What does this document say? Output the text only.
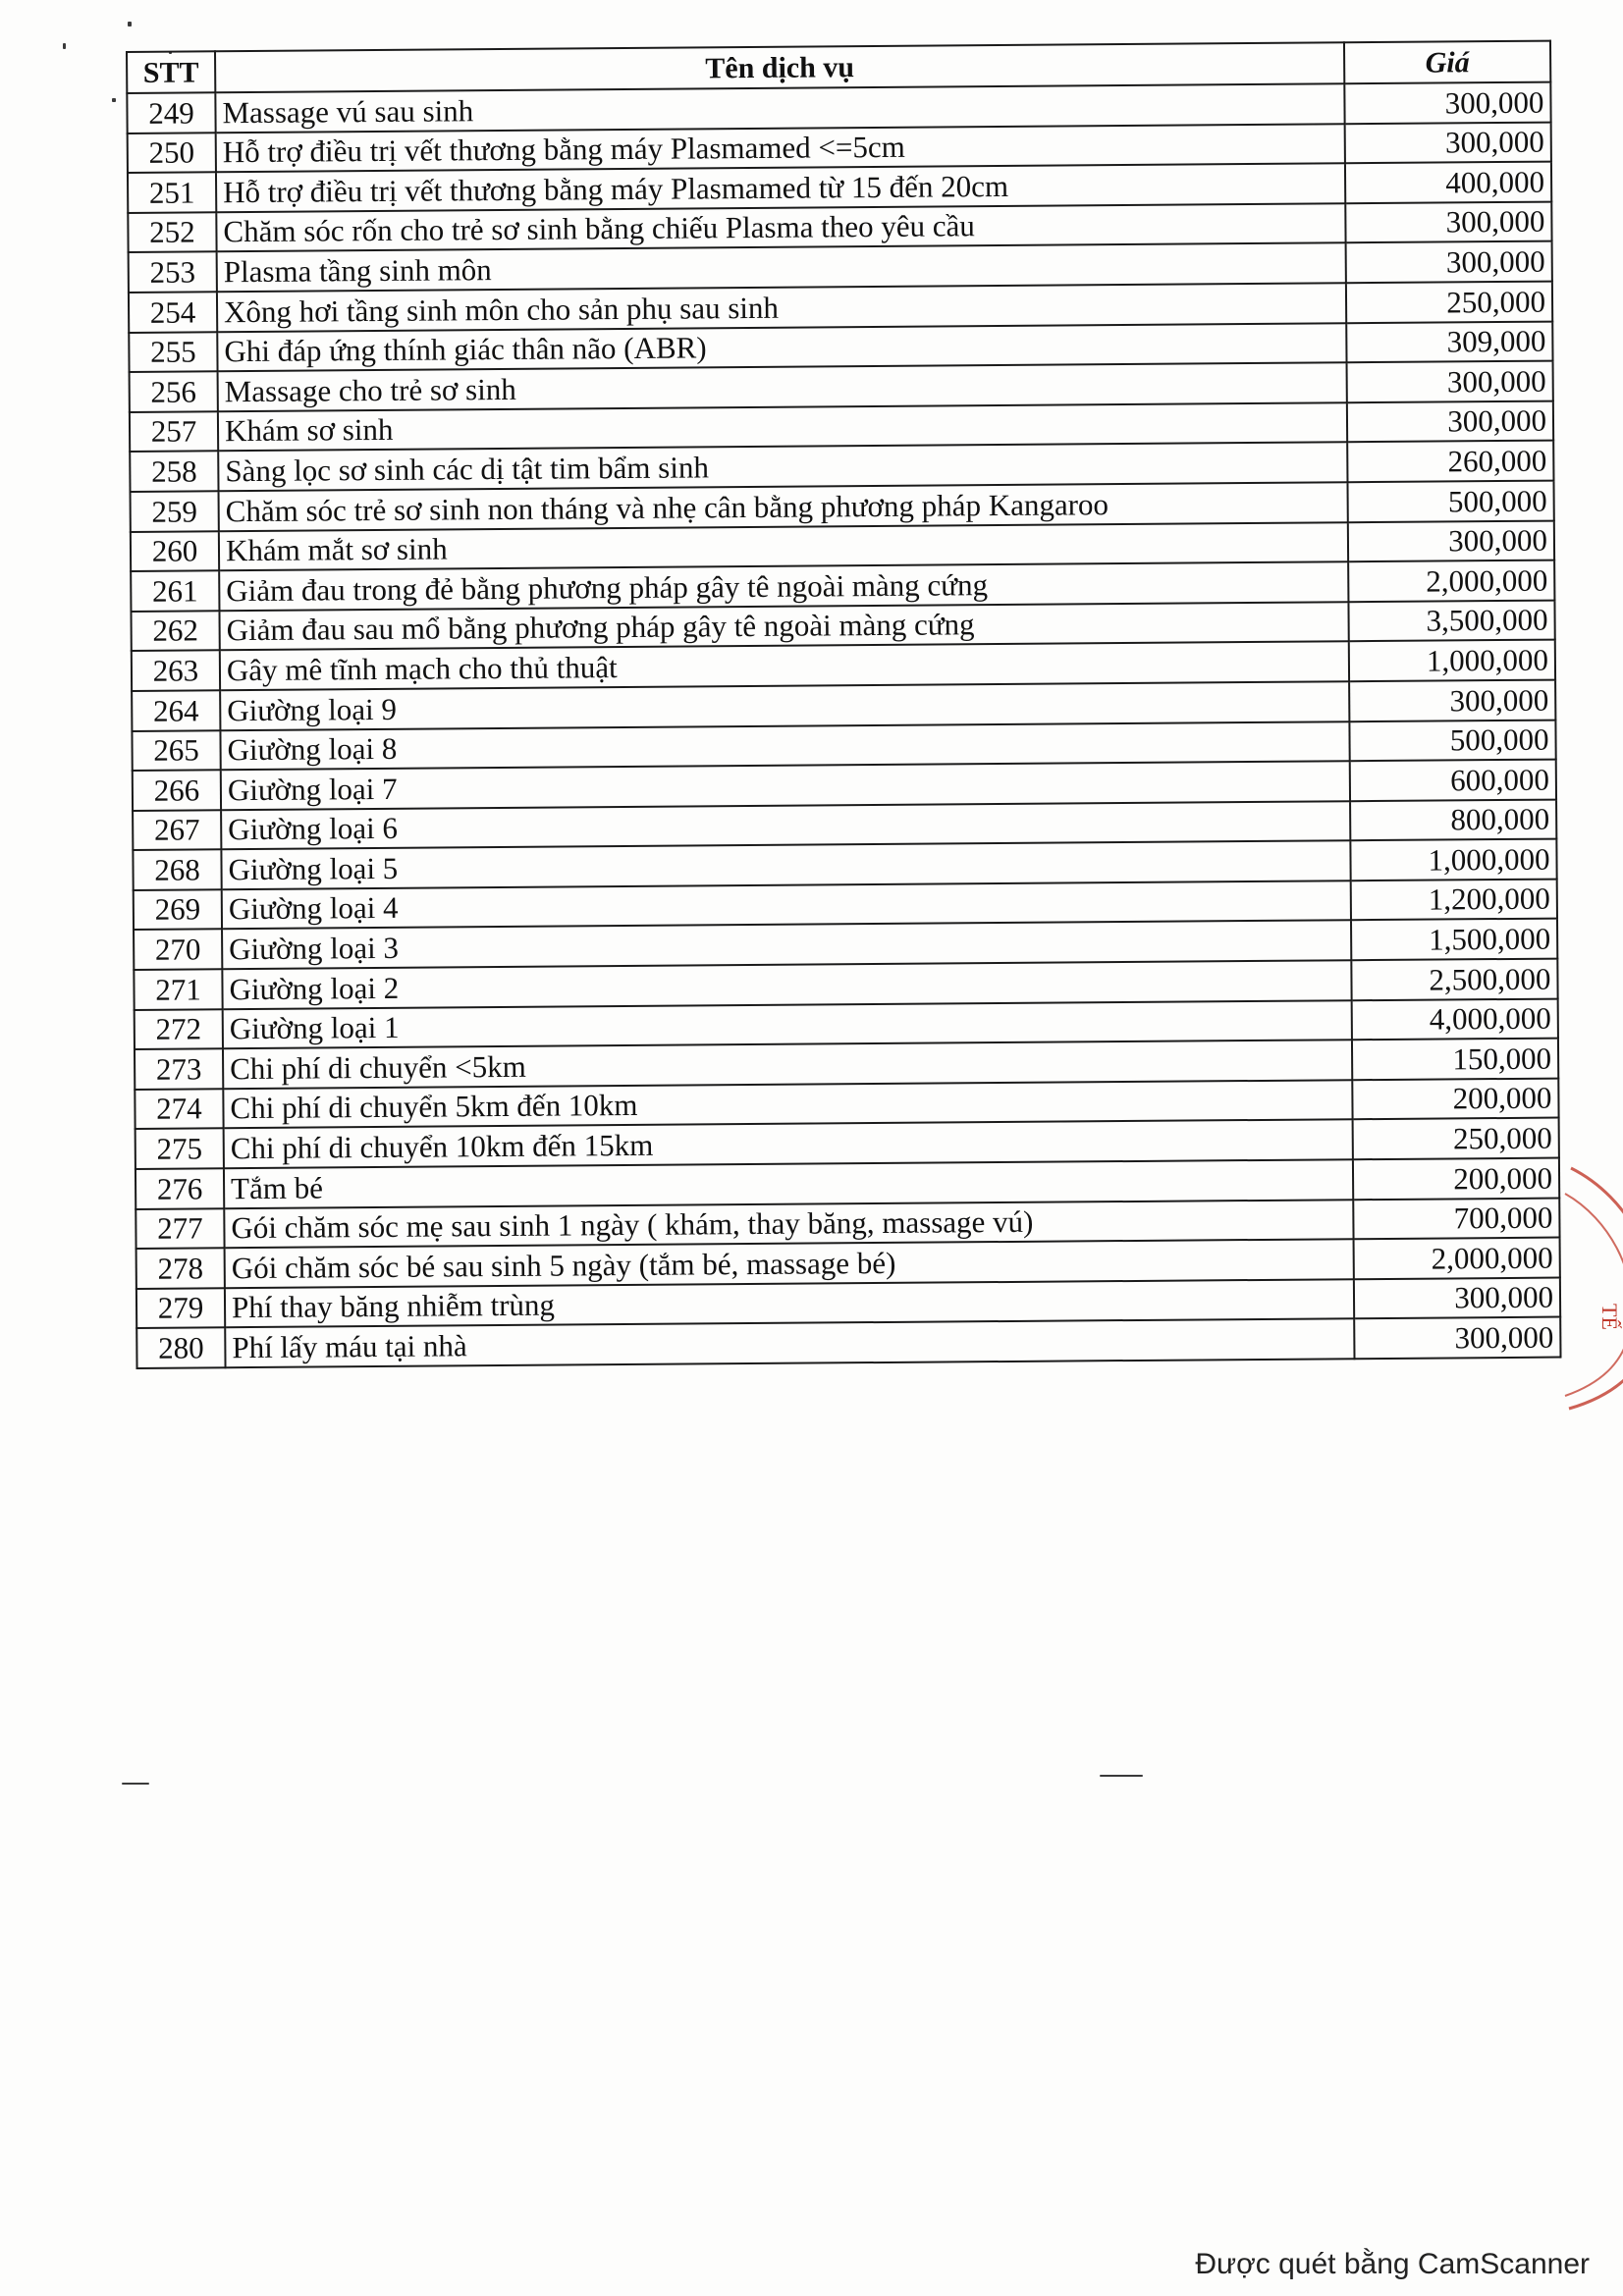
STT	Tên dịch vụ	Giá
249	Massage vú sau sinh	300,000
250	Hỗ trợ điều trị vết thương bằng máy Plasmamed <=5cm	300,000
251	Hỗ trợ điều trị vết thương bằng máy Plasmamed từ 15 đến 20cm	400,000
252	Chăm sóc rốn cho trẻ sơ sinh bằng chiếu Plasma theo yêu cầu	300,000
253	Plasma tầng sinh môn	300,000
254	Xông hơi tầng sinh môn cho sản phụ sau sinh	250,000
255	Ghi đáp ứng thính giác thân não (ABR)	309,000
256	Massage cho trẻ sơ sinh	300,000
257	Khám sơ sinh	300,000
258	Sàng lọc sơ sinh các dị tật tim bẩm sinh	260,000
259	Chăm sóc trẻ sơ sinh non tháng và nhẹ cân bằng phương pháp Kangaroo	500,000
260	Khám mắt sơ sinh	300,000
261	Giảm đau trong đẻ bằng phương pháp gây tê ngoài màng cứng	2,000,000
262	Giảm đau sau mổ bằng phương pháp gây tê ngoài màng cứng	3,500,000
263	Gây mê tĩnh mạch cho thủ thuật	1,000,000
264	Giường loại 9	300,000
265	Giường loại 8	500,000
266	Giường loại 7	600,000
267	Giường loại 6	800,000
268	Giường loại 5	1,000,000
269	Giường loại 4	1,200,000
270	Giường loại 3	1,500,000
271	Giường loại 2	2,500,000
272	Giường loại 1	4,000,000
273	Chi phí di chuyển <5km	150,000
274	Chi phí di chuyển 5km đến 10km	200,000
275	Chi phí di chuyển 10km đến 15km	250,000
276	Tắm bé	200,000
277	Gói chăm sóc mẹ sau sinh 1 ngày ( khám, thay băng, massage vú)	700,000
278	Gói chăm sóc bé sau sinh 5 ngày (tắm bé, massage bé)	2,000,000
279	Phí thay băng nhiễm trùng	300,000
280	Phí lấy máu tại nhà	300,000
TẾ
Được quét bằng CamScanner
